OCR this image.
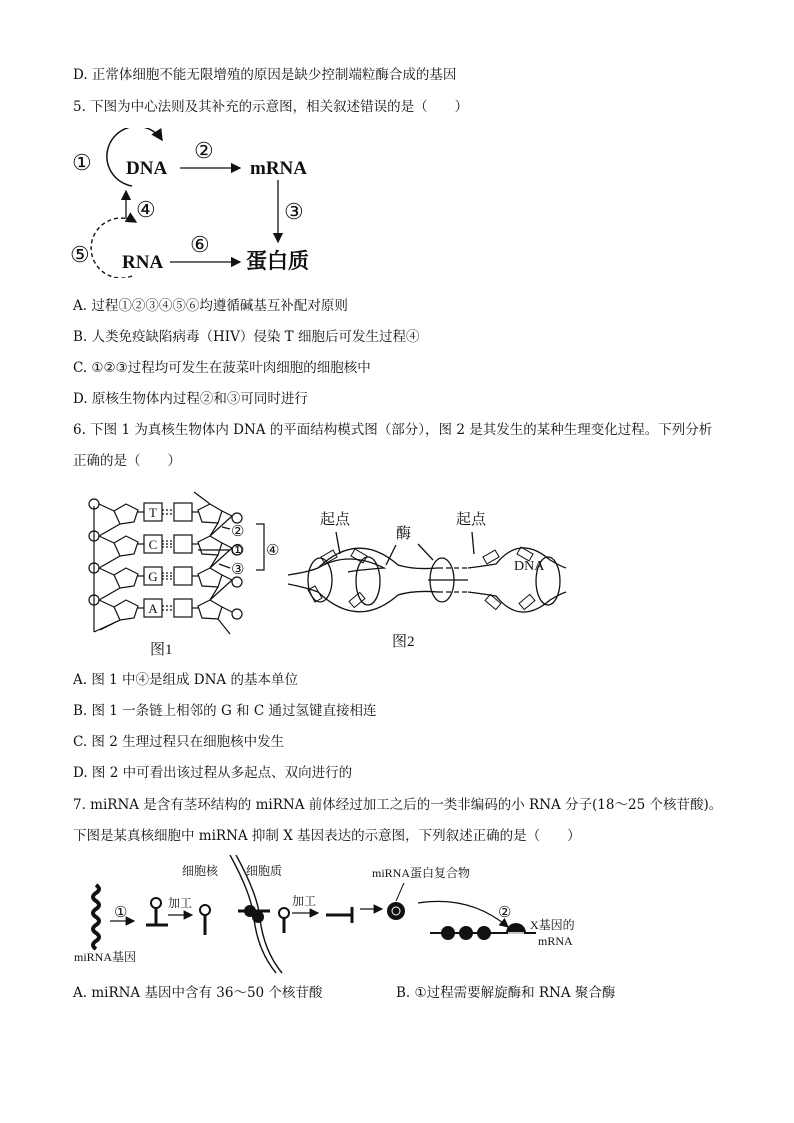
D. 正常体细胞不能无限增殖的原因是缺少控制端粒酶合成的基因
5. 下图为中心法则及其补充的示意图，相关叙述错误的是（　　）
① DNA
②
mRNA
③
④
⑤ RNA
⑥
蛋白质
A. 过程①②③④⑤⑥均遵循碱基互补配对原则
B. 人类免疫缺陷病毒（HIV）侵染 T 细胞后可发生过程④
C. ①②③过程均可发生在菠菜叶肉细胞的细胞核中
D. 原核生物体内过程②和③可同时进行
6. 下图 1 为真核生物体内 DNA 的平面结构模式图（部分），图 2 是其发生的某种生理变化过程。下列分析
正确的是（　　）
T
C
G
A
②
①
③
④
图1
起点
酶
起点
DNA
图2
A. 图 1 中④是组成 DNA 的基本单位
B. 图 1 一条链上相邻的 G 和 C 通过氢键直接相连
C. 图 2 生理过程只在细胞核中发生
D. 图 2 中可看出该过程从多起点、双向进行的
7. miRNA 是含有茎环结构的 miRNA 前体经过加工之后的一类非编码的小 RNA 分子(18～25 个核苷酸)。
下图是某真核细胞中 miRNA 抑制 X 基因表达的示意图，下列叙述正确的是（　　）
①
加工
细胞核 细胞质
加工
miRNA蛋白复合物
②
miRNA基因
X基因的
mRNA
A. miRNA 基因中含有 36～50 个核苷酸	B. ①过程需要解旋酶和 RNA 聚合酶
